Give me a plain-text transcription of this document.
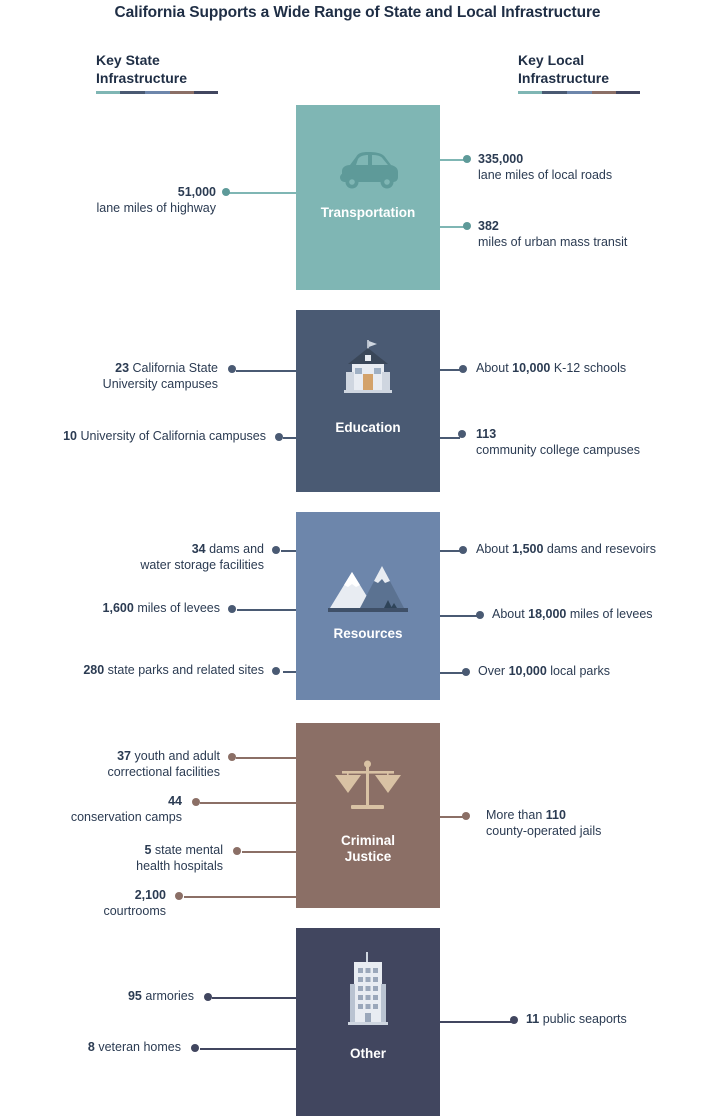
California Supports a Wide Range of State and Local Infrastructure
Key State
Infrastructure
Key Local
Infrastructure
Transportation
51,000
lane miles of highway
335,000
lane miles of local roads
382
miles of urban mass transit
Education
23 California State
University campuses
10 University of California campuses
About 10,000 K-12 schools
113
community college campuses
Resources
34 dams and
water storage facilities
1,600 miles of levees
280 state parks and related sites
About 1,500 dams and resevoirs
About 18,000 miles of levees
Over 10,000 local parks
Criminal
Justice
37 youth and adult
correctional facilities
44
conservation camps
5 state mental
health hospitals
2,100
courtrooms
More than 110
county-operated jails
Other
95 armories
8 veteran homes
11 public seaports
